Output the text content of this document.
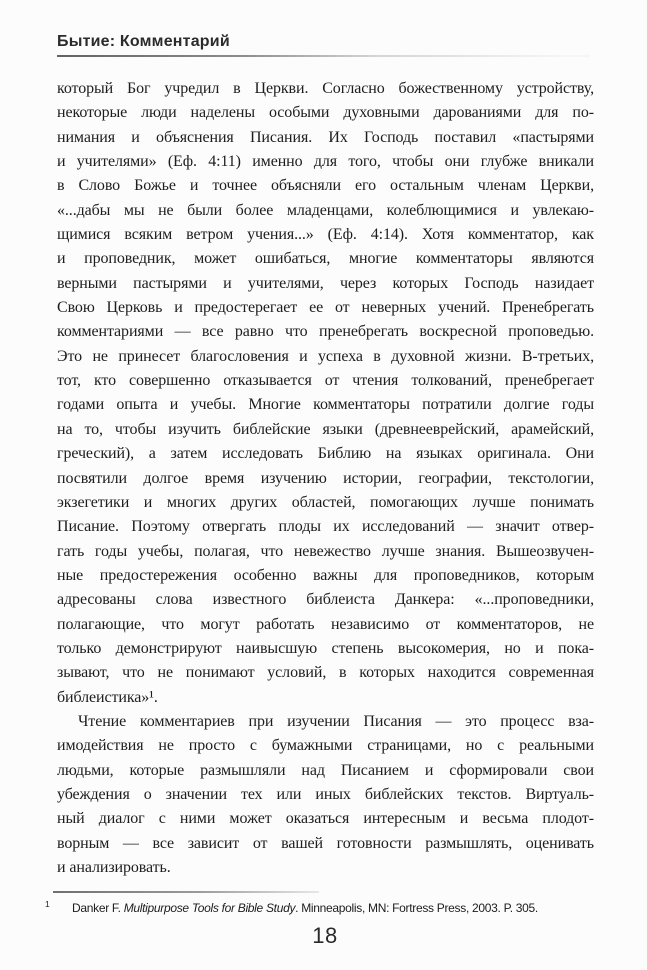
Бытие: Комментарий
который Бог учредил в Церкви. Согласно божественному устройству,
некоторые люди наделены особыми духовными дарованиями для по-
нимания и объяснения Писания. Их Господь поставил «пастырями
и учителями» (Еф. 4:11) именно для того, чтобы они глубже вникали
в Слово Божье и точнее объясняли его остальным членам Церкви,
«...дабы мы не были более младенцами, колеблющимися и увлекаю-
щимися всяким ветром учения...» (Еф. 4:14). Хотя комментатор, как
и проповедник, может ошибаться, многие комментаторы являются
верными пастырями и учителями, через которых Господь назидает
Свою Церковь и предостерегает ее от неверных учений. Пренебрегать
комментариями — все равно что пренебрегать воскресной проповедью.
Это не принесет благословения и успеха в духовной жизни. В-третьих,
тот, кто совершенно отказывается от чтения толкований, пренебрегает
годами опыта и учебы. Многие комментаторы потратили долгие годы
на то, чтобы изучить библейские языки (древнееврейский, арамейский,
греческий), а затем исследовать Библию на языках оригинала. Они
посвятили долгое время изучению истории, географии, текстологии,
экзегетики и многих других областей, помогающих лучше понимать
Писание. Поэтому отвергать плоды их исследований — значит отвер-
гать годы учебы, полагая, что невежество лучше знания. Вышеозвучен-
ные предостережения особенно важны для проповедников, которым
адресованы слова известного библеиста Данкера: «...проповедники,
полагающие, что могут работать независимо от комментаторов, не
только демонстрируют наивысшую степень высокомерия, но и пока-
зывают, что не понимают условий, в которых находится современная
библеистика»¹.
Чтение комментариев при изучении Писания — это процесс вза-
имодействия не просто с бумажными страницами, но с реальными
людьми, которые размышляли над Писанием и сформировали свои
убеждения о значении тех или иных библейских текстов. Виртуаль-
ный диалог с ними может оказаться интересным и весьма плодот-
ворным — все зависит от вашей готовности размышлять, оценивать
и анализировать.
1 Danker F. Multipurpose Tools for Bible Study. Minneapolis, MN: Fortress Press, 2003. P. 305.
18
